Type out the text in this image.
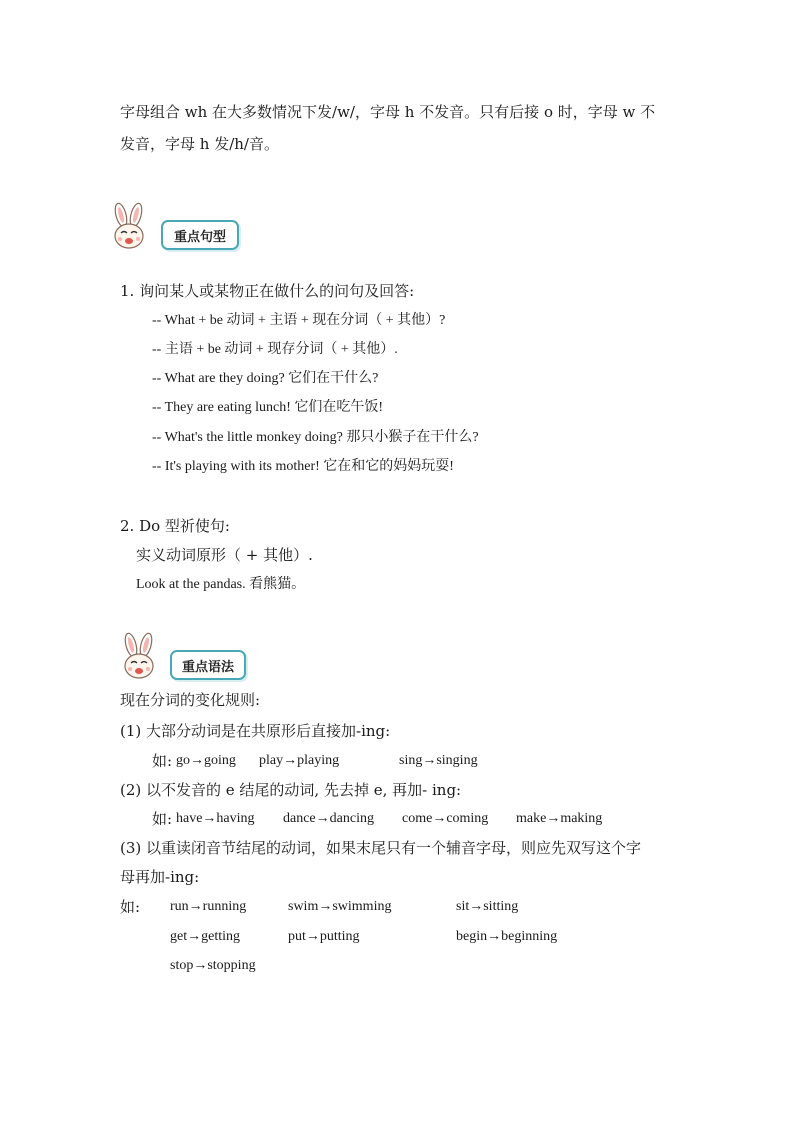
字母组合 wh 在大多数情况下发/w/，字母 h 不发音。只有后接 o 时，字母 w 不
发音，字母 h 发/h/音。
重点句型
1. 询问某人或某物正在做什么的问句及回答:
-- What + be 动词 + 主语 + 现在分词（ + 其他）?
-- 主语 + be 动词 + 现存分词（ + 其他）.
-- What are they doing? 它们在干什么?
-- They are eating lunch! 它们在吃午饭!
-- What's the little monkey doing? 那只小猴子在干什么?
-- It's playing with its mother! 它在和它的妈妈玩耍!
2. Do 型祈使句:
实义动词原形（ + 其他）.
Look at the pandas. 看熊猫。
重点语法
现在分词的变化规则:
(1) 大部分动词是在共原形后直接加-ing:
如: go→going play→playing	sing→singing
(2) 以不发音的 e 结尾的动词, 先去掉 e, 再加- ing:
如: have→having dance→dancing come→coming make→making
(3) 以重读闭音节结尾的动词，如果末尾只有一个辅音字母，则应先双写这个字
母再加-ing:
如: run→running	swim→swimming	sit→sitting
get→getting	put→putting	begin→beginning
stop→stopping
